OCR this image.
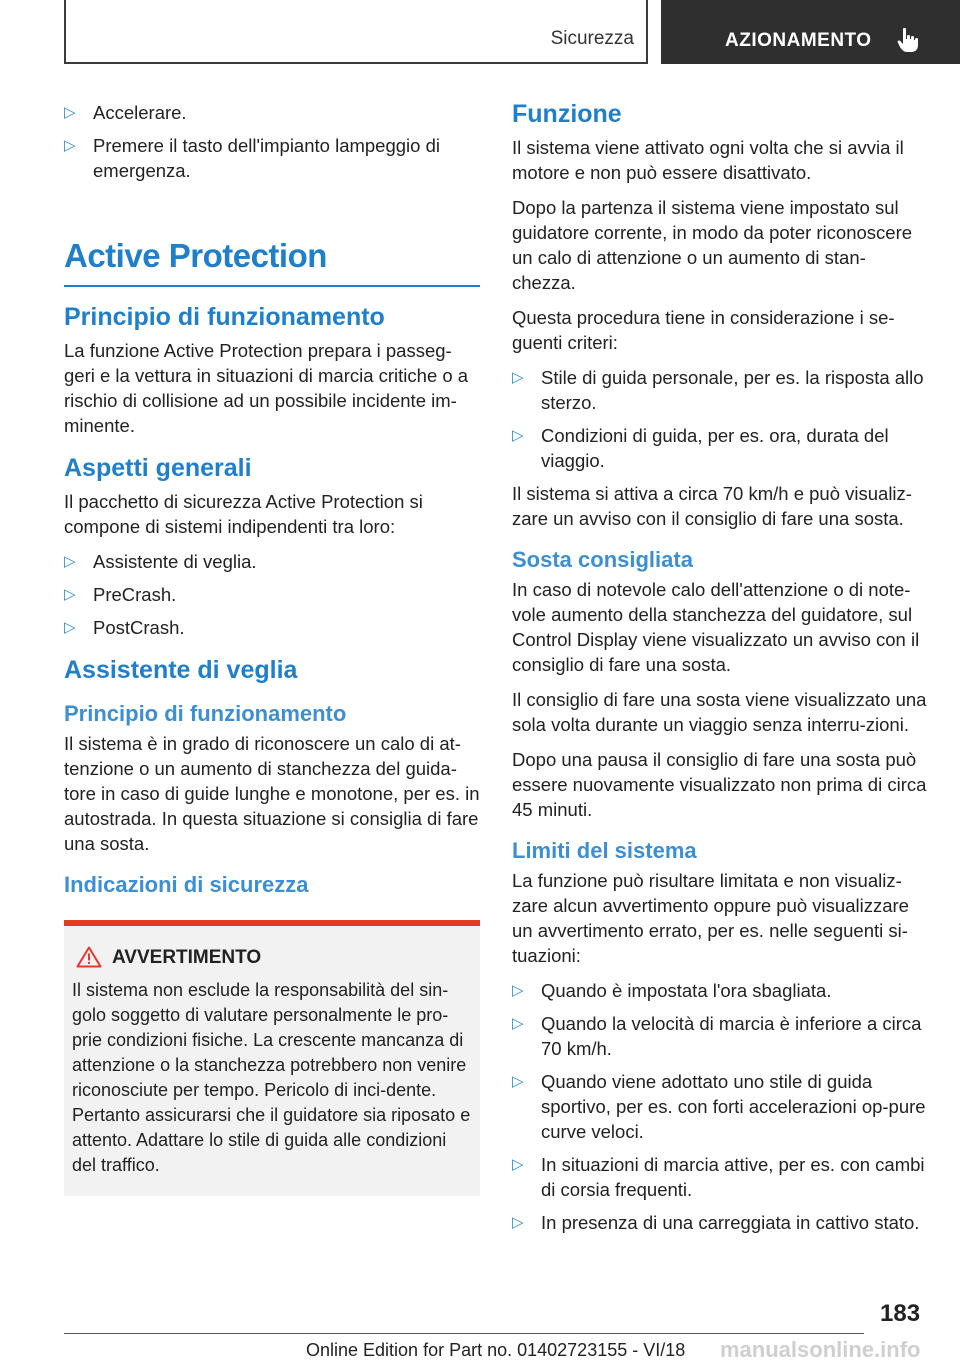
Sicurezza	AZIONAMENTO
▷ Accelerare.
▷ Premere il tasto dell'impianto lampeggio di emergenza.
Active Protection
Principio di funzionamento

La funzione Active Protection prepara i passeg-geri e la vettura in situazioni di marcia critiche o a rischio di collisione ad un possibile incidente im-minente.

Aspetti generali

Il pacchetto di sicurezza Active Protection si compone di sistemi indipendenti tra loro:

▷ Assistente di veglia.
▷ PreCrash.
▷ PostCrash.
Assistente di veglia
Principio di funzionamento

Il sistema è in grado di riconoscere un calo di at-tenzione o un aumento di stanchezza del guida-tore in caso di guide lunghe e monotone, per es. in autostrada. In questa situazione si consiglia di fare una sosta.

Indicazioni di sicurezza
AVVERTIMENTO

Il sistema non esclude la responsabilità del sin-golo soggetto di valutare personalmente le pro-prie condizioni fisiche. La crescente mancanza di attenzione o la stanchezza potrebbero non venire riconosciute per tempo. Pericolo di inci-dente. Pertanto assicurarsi che il guidatore sia riposato e attento. Adattare lo stile di guida alle condizioni del traffico.

Funzione

Il sistema viene attivato ogni volta che si avvia il motore e non può essere disattivato.

Dopo la partenza il sistema viene impostato sul guidatore corrente, in modo da poter riconoscere un calo di attenzione o un aumento di stan-chezza.

Questa procedura tiene in considerazione i se-guenti criteri:

▷ Stile di guida personale, per es. la risposta allo sterzo.
▷ Condizioni di guida, per es. ora, durata del viaggio.

Il sistema si attiva a circa 70 km/h e può visualiz-zare un avviso con il consiglio di fare una sosta.

Sosta consigliata

In caso di notevole calo dell'attenzione o di note-vole aumento della stanchezza del guidatore, sul Control Display viene visualizzato un avviso con il consiglio di fare una sosta.

Il consiglio di fare una sosta viene visualizzato una sola volta durante un viaggio senza interru-zioni.

Dopo una pausa il consiglio di fare una sosta può essere nuovamente visualizzato non prima di circa 45 minuti.

Limiti del sistema

La funzione può risultare limitata e non visualiz-zare alcun avvertimento oppure può visualizzare un avvertimento errato, per es. nelle seguenti si-tuazioni:

▷ Quando è impostata l'ora sbagliata.
▷ Quando la velocità di marcia è inferiore a circa 70 km/h.
▷ Quando viene adottato uno stile di guida sportivo, per es. con forti accelerazioni op-pure curve veloci.
▷ In situazioni di marcia attive, per es. con cambi di corsia frequenti.
▷ In presenza di una carreggiata in cattivo stato.
183
Online Edition for Part no. 01402723155 - VI/18 manualsonline.info
